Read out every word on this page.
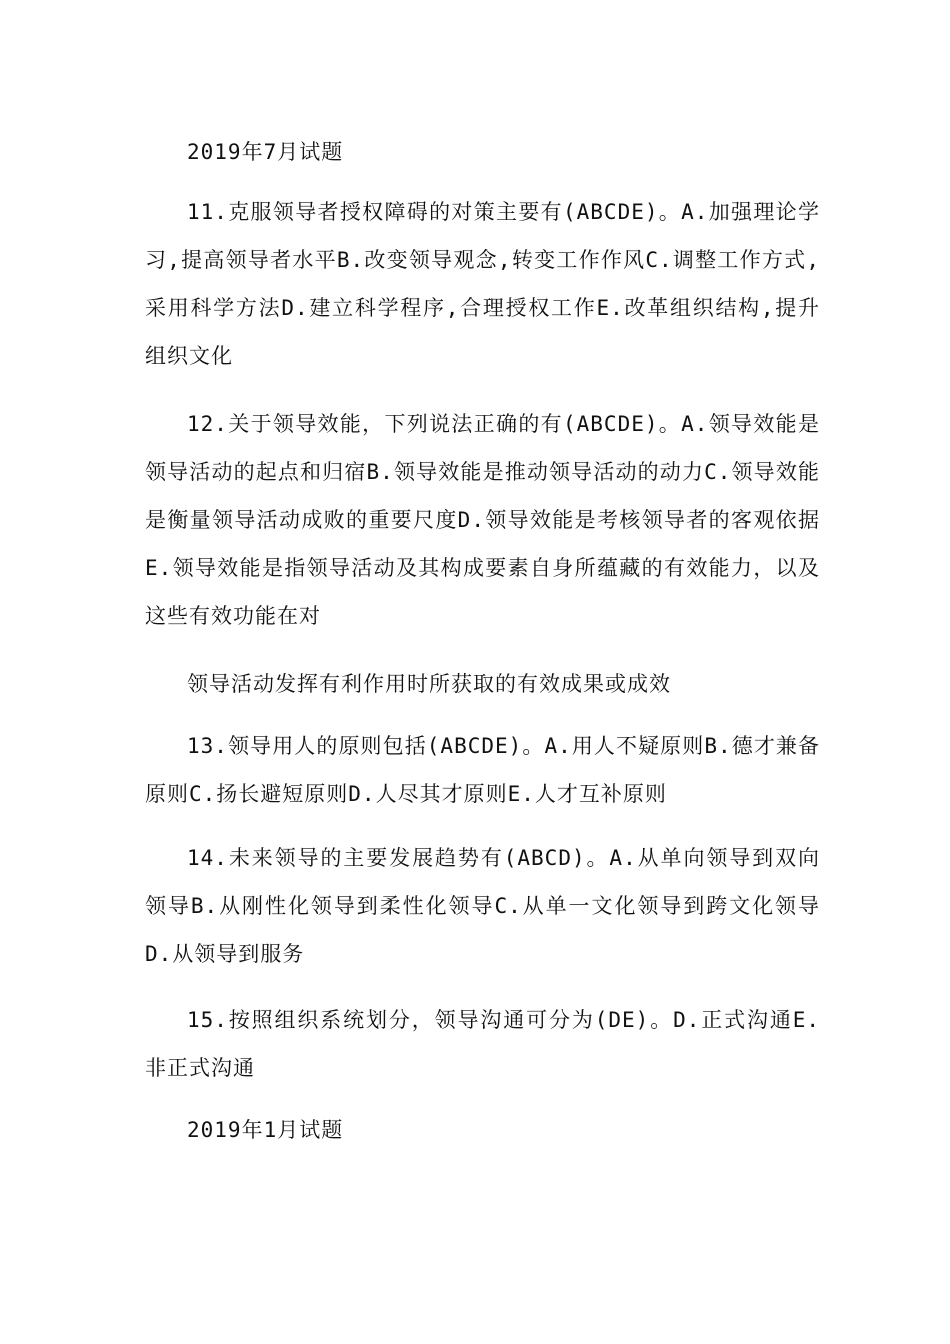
2019年7月试题
11.克服领导者授权障碍的对策主要有(ABCDE)。A.加强理论学习,提高领导者水平B.改变领导观念,转变工作作风C.调整工作方式,采用科学方法D.建立科学程序,合理授权工作E.改革组织结构,提升组织文化
12.关于领导效能，下列说法正确的有(ABCDE)。A.领导效能是领导活动的起点和归宿B.领导效能是推动领导活动的动力C.领导效能是衡量领导活动成败的重要尺度D.领导效能是考核领导者的客观依据E.领导效能是指领导活动及其构成要素自身所蕴藏的有效能力，以及这些有效功能在对
领导活动发挥有利作用时所获取的有效成果或成效
13.领导用人的原则包括(ABCDE)。A.用人不疑原则B.德才兼备原则C.扬长避短原则D.人尽其才原则E.人才互补原则
14.未来领导的主要发展趋势有(ABCD)。A.从单向领导到双向领导B.从刚性化领导到柔性化领导C.从单一文化领导到跨文化领导D.从领导到服务
15.按照组织系统划分，领导沟通可分为(DE)。D.正式沟通E.非正式沟通
2019年1月试题
